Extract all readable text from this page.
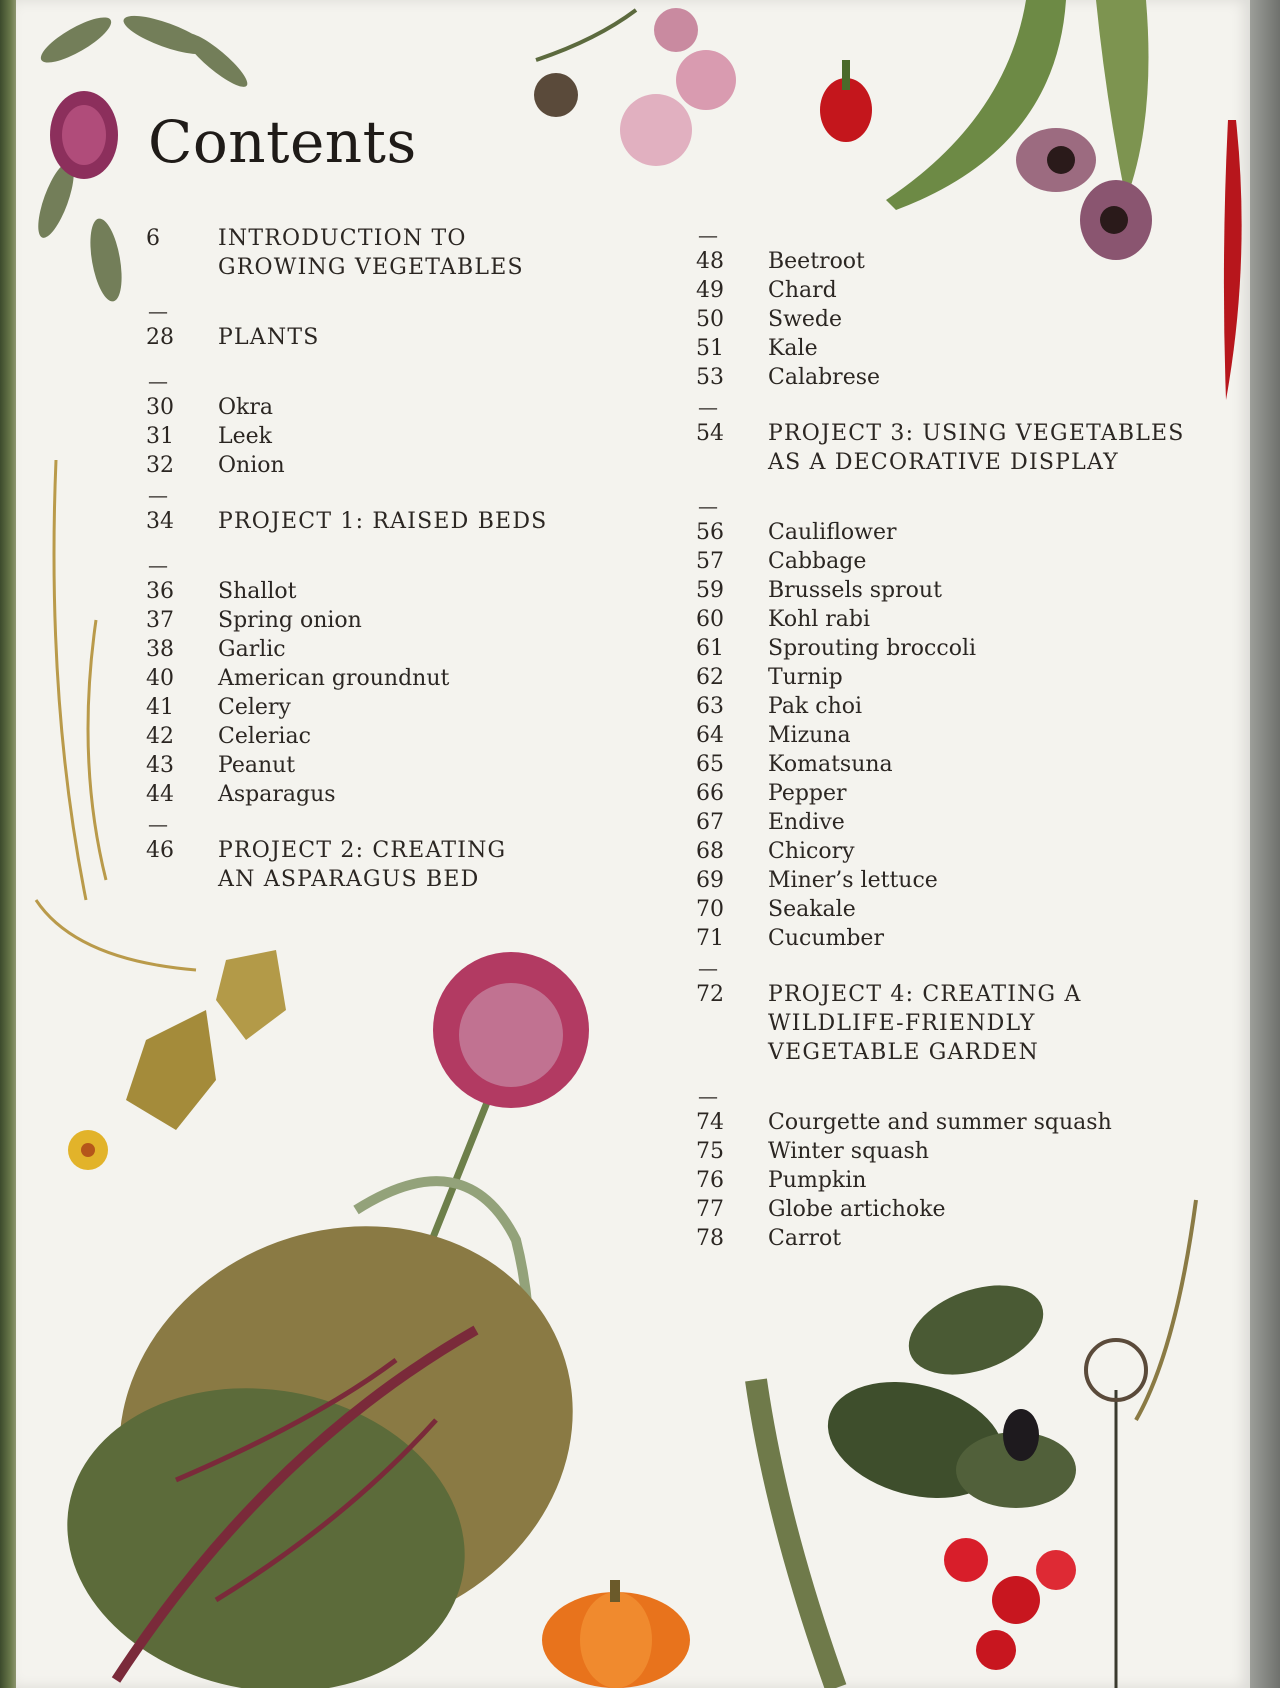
Contents
6	INTRODUCTION TO
GROWING VEGETABLES
—
28	PLANTS
—
30	Okra
31	Leek
32	Onion
—
34	PROJECT 1: RAISED BEDS
—
36	Shallot
37	Spring onion
38	Garlic
40	American groundnut
41	Celery
42	Celeriac
43	Peanut
44	Asparagus
—
46	PROJECT 2: CREATING
AN ASPARAGUS BED
—
48	Beetroot
49	Chard
50	Swede
51	Kale
53	Calabrese
—
54	PROJECT 3: USING VEGETABLES
AS A DECORATIVE DISPLAY
—
56	Cauliflower
57	Cabbage
59	Brussels sprout
60	Kohl rabi
61	Sprouting broccoli
62	Turnip
63	Pak choi
64	Mizuna
65	Komatsuna
66	Pepper
67	Endive
68	Chicory
69	Miner’s lettuce
70	Seakale
71	Cucumber
—
72	PROJECT 4: CREATING A
WILDLIFE-FRIENDLY
VEGETABLE GARDEN
—
74	Courgette and summer squash
75	Winter squash
76	Pumpkin
77	Globe artichoke
78	Carrot
